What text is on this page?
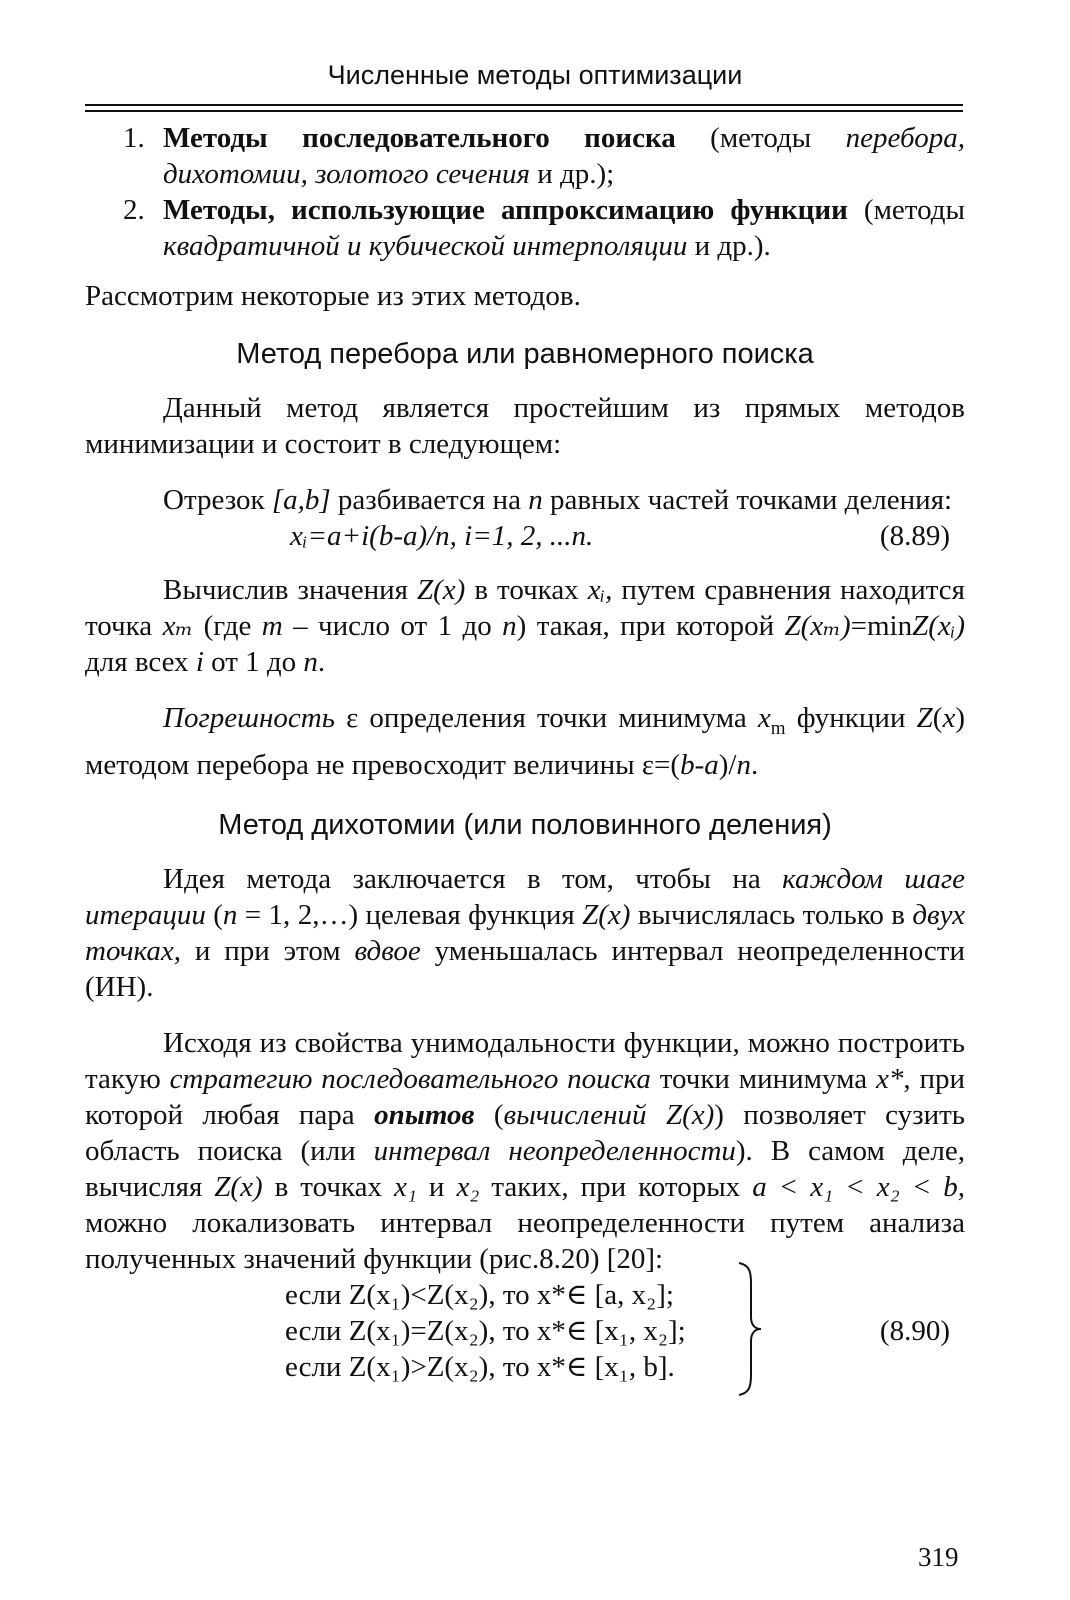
Численные методы оптимизации

1. Методы последовательного поиска (методы перебора, дихотомии, золотого сечения и др.);

2. Методы, использующие аппроксимацию функции (методы квадратичной и кубической интерполяции и др.).

Рассмотрим некоторые из этих методов.

Метод перебора или равномерного поиска

Данный метод является простейшим из прямых методов минимизации и состоит в следующем:

Отрезок [a,b] разбивается на n равных частей точками деления:

xᵢ=a+i(b-a)/n, i=1, 2, ...n.	(8.89)

Вычислив значения Z(x) в точках xᵢ, путем сравнения находится точка xₘ (где m – число от 1 до n) такая, при которой Z(xₘ)=minZ(xᵢ) для всех i от 1 до n.

Погрешность ε определения точки минимума $x_m$ функции Z(x) методом перебора не превосходит величины ε=(b-a)/n.

Метод дихотомии (или половинного деления)

Идея метода заключается в том, чтобы на каждом шаге итерации (n = 1, 2,…) целевая функция Z(x) вычислялась только в двух точках, и при этом вдвое уменьшалась интервал неопределенности (ИН).

Исходя из свойства унимодальности функции, можно построить такую стратегию последовательного поиска точки минимума x*, при которой любая пара опытов (вычислений Z(x)) позволяет сузить область поиска (или интервал неопределенности). В самом деле, вычисляя Z(x) в точках x₁ и x₂ таких, при которых a < x₁ < x₂ < b, можно локализовать интервал неопределенности путем анализа полученных значений функции (рис.8.20) [20]:

если Z(x₁)<Z(x₂), то x*∈ [a, x₂];
если Z(x₁)=Z(x₂), то x*∈ [x₁, x₂];
если Z(x₁)>Z(x₂), то x*∈ [x₁, b].
(8.90)
319
